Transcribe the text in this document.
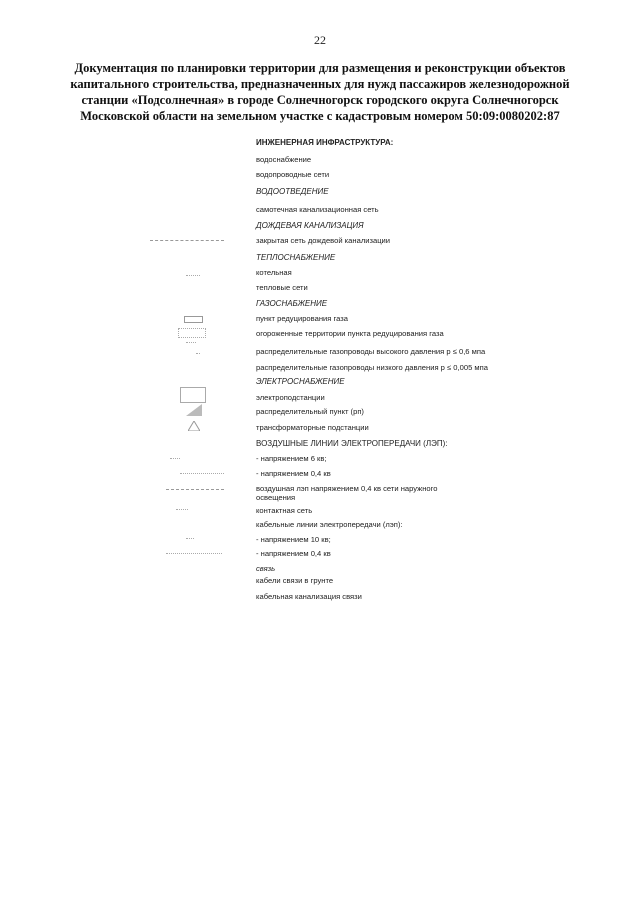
22
Документация по планировки территории для размещения и реконструкции объектов капитального строительства, предназначенных для нужд пассажиров железнодорожной станции «Подсолнечная» в городе Солнечногорск городского округа Солнечногорск Московской области на земельном участке с кадастровым номером 50:09:0080202:87
ИНЖЕНЕРНАЯ ИНФРАСТРУКТУРА:
водоснабжение
водопроводные сети
ВОДООТВЕДЕНИЕ
самотечная канализационная сеть
ДОЖДЕВАЯ КАНАЛИЗАЦИЯ
закрытая сеть дождевой канализации
ТЕПЛОСНАБЖЕНИЕ
котельная
тепловые сети
ГАЗОСНАБЖЕНИЕ
пункт редуцирования газа
огороженные территории пункта редуцирования газа
распределительные газопроводы высокого давления р ≤ 0,6 мпа
распределительные газопроводы низкого давления р ≤ 0,005 мпа
ЭЛЕКТРОСНАБЖЕНИЕ
электроподстанции
распределительный пункт (рп)
трансформаторные подстанции
ВОЗДУШНЫЕ ЛИНИИ ЭЛЕКТРОПЕРЕДАЧИ (ЛЭП):
- напряжением 6 кв;
- напряжением 0,4 кв
воздушная лэп напряжением 0,4 кв сети наружного
освещения
контактная сеть
кабельные линии электропередачи (лэп):
- напряжением 10 кв;
- напряжением 0,4 кв
связь
кабели связи в грунте
кабельная канализация связи
